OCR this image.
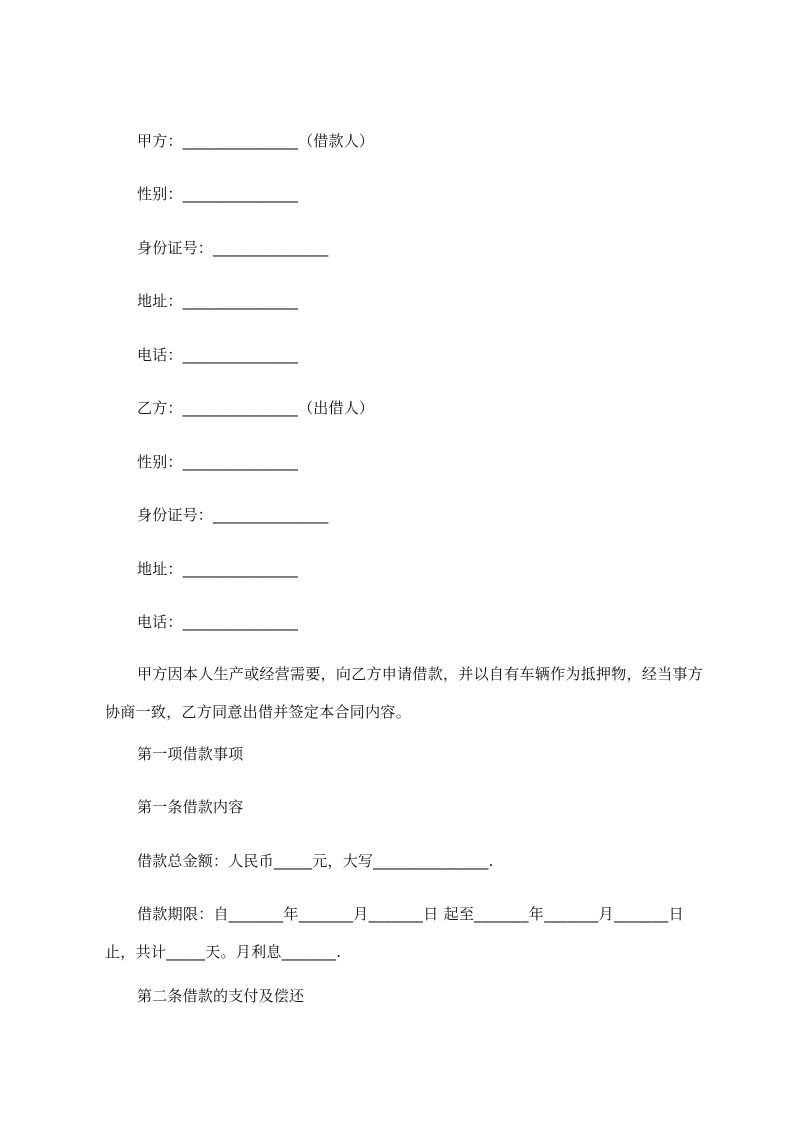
甲方：_______________（借款人）
性别：_______________
身份证号：_______________
地址：_______________
电话：_______________
乙方：_______________（出借人）
性别：_______________
身份证号：_______________
地址：_______________
电话：_______________
甲方因本人生产或经营需要，向乙方申请借款，并以自有车辆作为抵押物，经当事方协商一致，乙方同意出借并签定本合同内容。
第一项借款事项
第一条借款内容
借款总金额：人民币_____元，大写_______________.
借款期限：自_______年_______月_______日 起至_______年_______月_______日 止，共计_____天。月利息_______.
第二条借款的支付及偿还
